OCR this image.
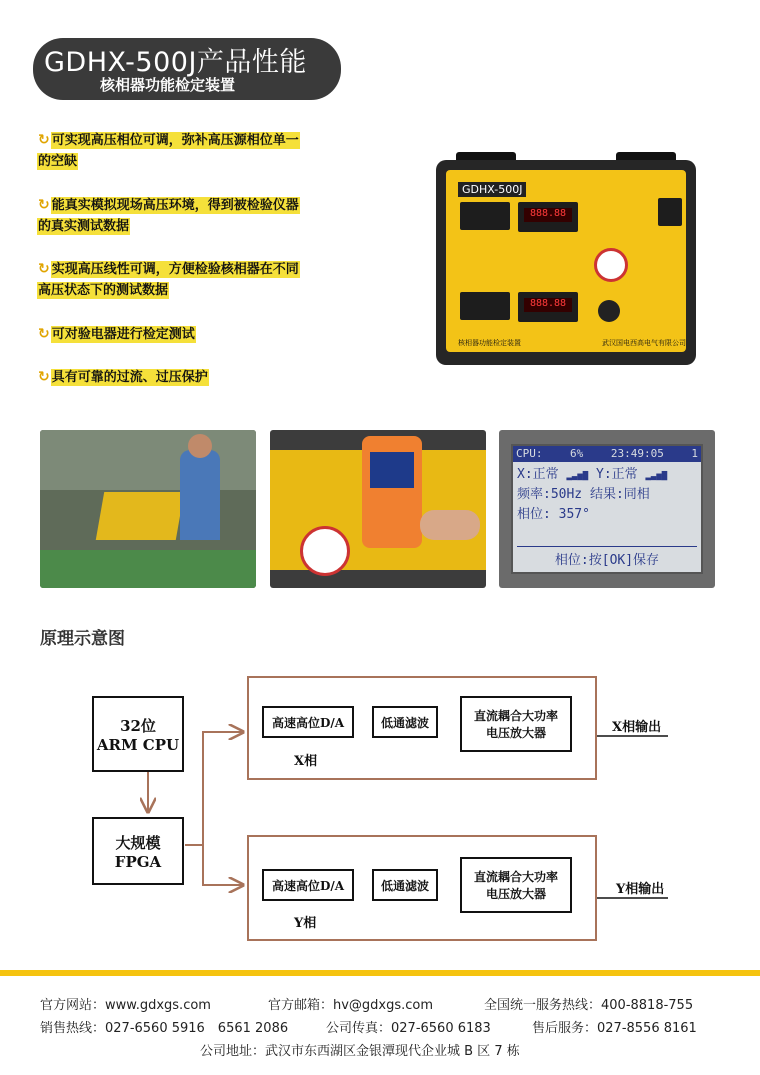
GDHX-500J产品性能
核相器功能检定装置
↻ 可实现高压相位可调，弥补高压源相位单一
的空缺
↻ 能真实模拟现场高压环境，得到被检验仪器
的真实测试数据
↻ 实现高压线性可调，方便检验核相器在不同
高压状态下的测试数据
↻ 可对验电器进行检定测试
↻ 具有可靠的过流、过压保护
GDHX-500J
888.88
888.88
核相器功能检定装置	武汉国电西高电气有限公司
CPU:	6%	23:49:05	1
X:正常 ▂▃▅▇ Y:正常 ▂▃▅▇
频率:50Hz 结果:同相
相位: 357°
相位:按[OK]保存
原理示意图
32位
ARM CPU
大规模
FPGA
高速高位D/A	低通滤波	直流耦合大功率
电压放大器
X相
X相输出
高速高位D/A	低通滤波
直流耦合大功率
电压放大器
Y相
Y相输出
官方网站：www.gdxgs.com	官方邮箱：hv@gdxgs.com	全国统一服务热线：400-8818-755
销售热线：027-6560 5916　6561 2086	公司传真：027-6560 6183	售后服务：027-8556 8161
公司地址：武汉市东西湖区金银潭现代企业城 B 区 7 栋
